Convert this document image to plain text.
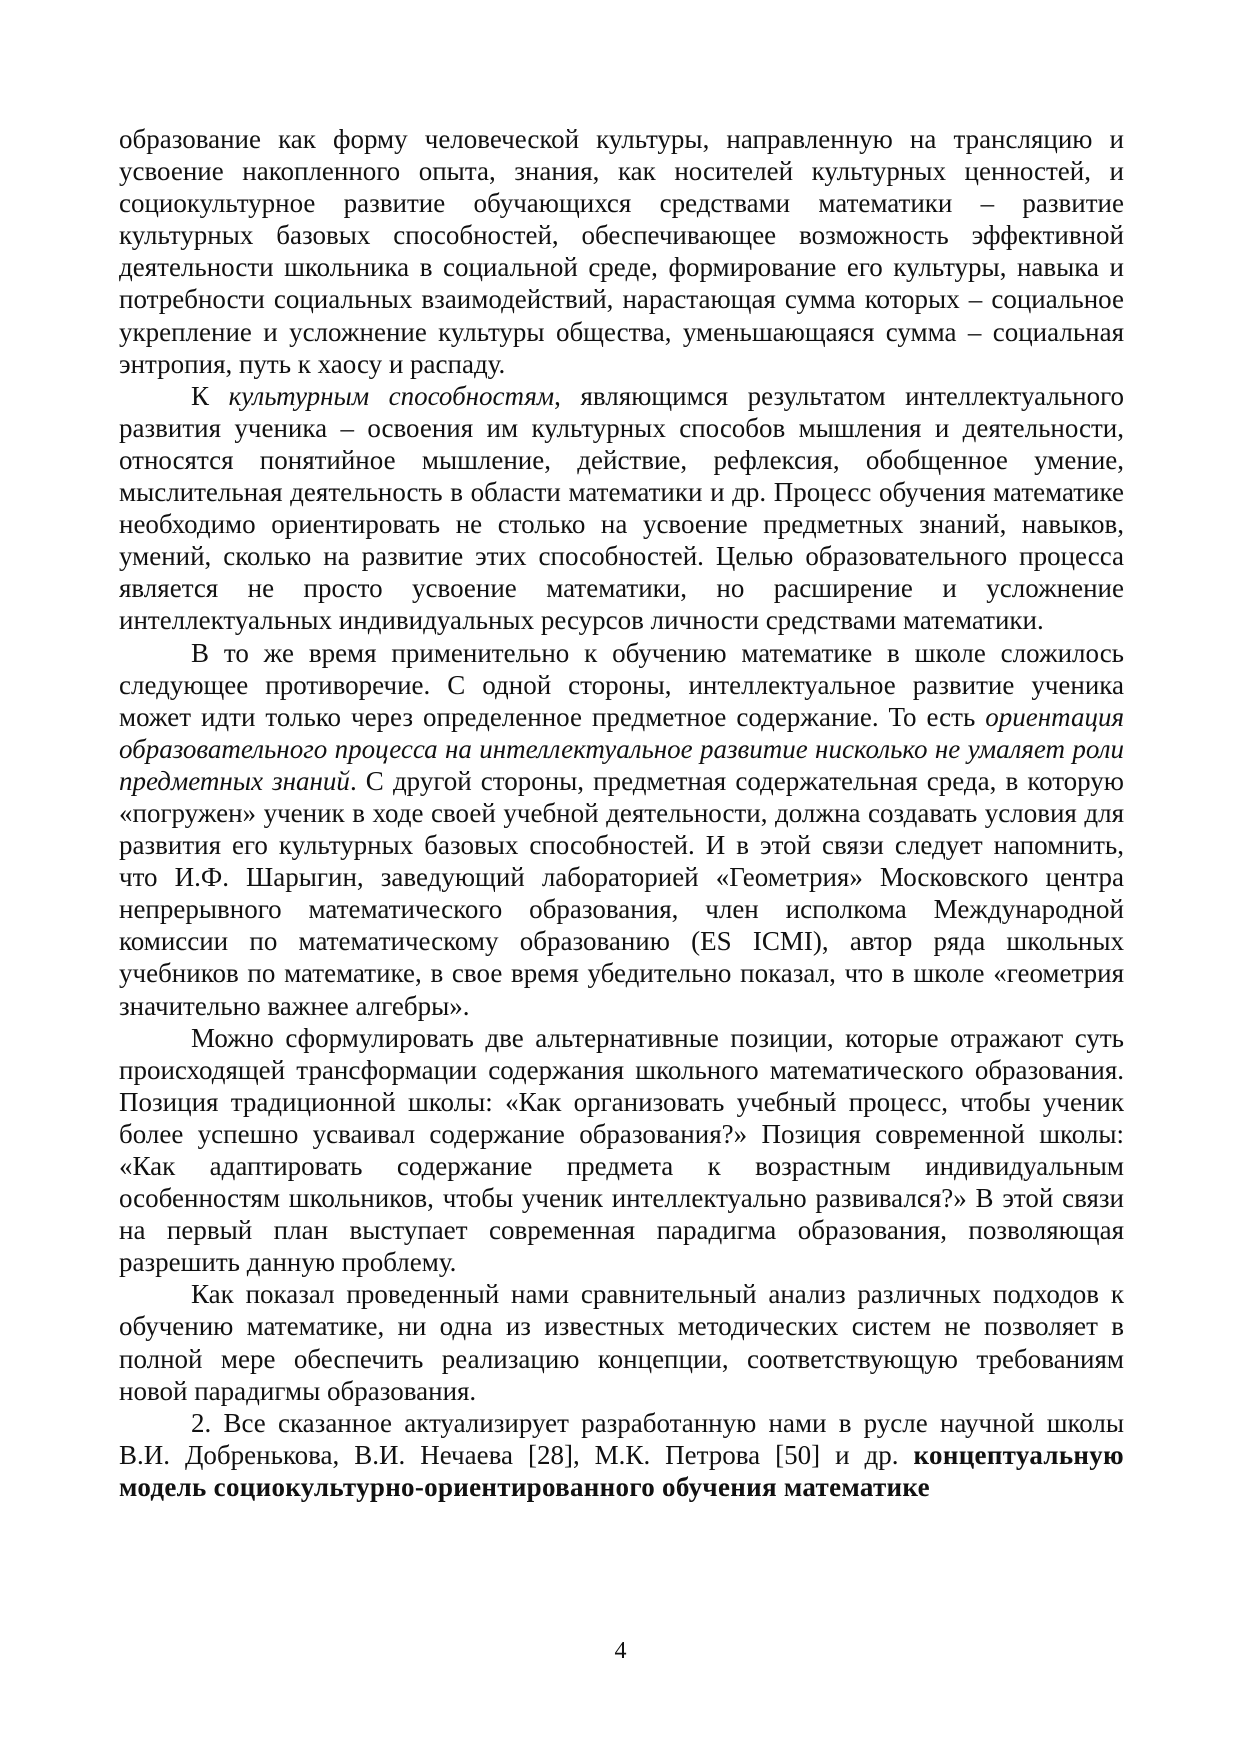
образование как форму человеческой культуры, направленную на трансляцию и усвоение накопленного опыта, знания, как носителей культурных ценностей, и социокультурное развитие обучающихся средствами математики – развитие культурных базовых способностей, обеспечивающее возможность эффективной деятельности школьника в социальной среде, формирование его культуры, навыка и потребности социальных взаимодействий, нарастающая сумма которых – социальное укрепление и усложнение культуры общества, уменьшающаяся сумма – социальная энтропия, путь к хаосу и распаду.

К культурным способностям, являющимся результатом интеллектуального развития ученика – освоения им культурных способов мышления и деятельности, относятся понятийное мышление, действие, рефлексия, обобщенное умение, мыслительная деятельность в области математики и др. Процесс обучения математике необходимо ориентировать не столько на усвоение предметных знаний, навыков, умений, сколько на развитие этих способностей. Целью образовательного процесса является не просто усвоение математики, но расширение и усложнение интеллектуальных индивидуальных ресурсов личности средствами математики.

В то же время применительно к обучению математике в школе сложилось следующее противоречие. С одной стороны, интеллектуальное развитие ученика может идти только через определенное предметное содержание. То есть ориентация образовательного процесса на интеллектуальное развитие нисколько не умаляет роли предметных знаний. С другой стороны, предметная содержательная среда, в которую «погружен» ученик в ходе своей учебной деятельности, должна создавать условия для развития его культурных базовых способностей. И в этой связи следует напомнить, что И.Ф. Шарыгин, заведующий лабораторией «Геометрия» Московского центра непрерывного математического образования, член исполкома Международной комиссии по математическому образованию (ES ICMI), автор ряда школьных учебников по математике, в свое время убедительно показал, что в школе «геометрия значительно важнее алгебры».

Можно сформулировать две альтернативные позиции, которые отражают суть происходящей трансформации содержания школьного математического образования. Позиция традиционной школы: «Как организовать учебный процесс, чтобы ученик более успешно усваивал содержание образования?» Позиция современной школы: «Как адаптировать содержание предмета к возрастным индивидуальным особенностям школьников, чтобы ученик интеллектуально развивался?» В этой связи на первый план выступает современная парадигма образования, позволяющая разрешить данную проблему.

Как показал проведенный нами сравнительный анализ различных подходов к обучению математике, ни одна из известных методических систем не позволяет в полной мере обеспечить реализацию концепции, соответствующую требованиям новой парадигмы образования.

2. Все сказанное актуализирует разработанную нами в русле научной школы В.И. Добренькова, В.И. Нечаева [28], М.К. Петрова [50] и др. концептуальную модель социокультурно-ориентированного обучения математике

4
